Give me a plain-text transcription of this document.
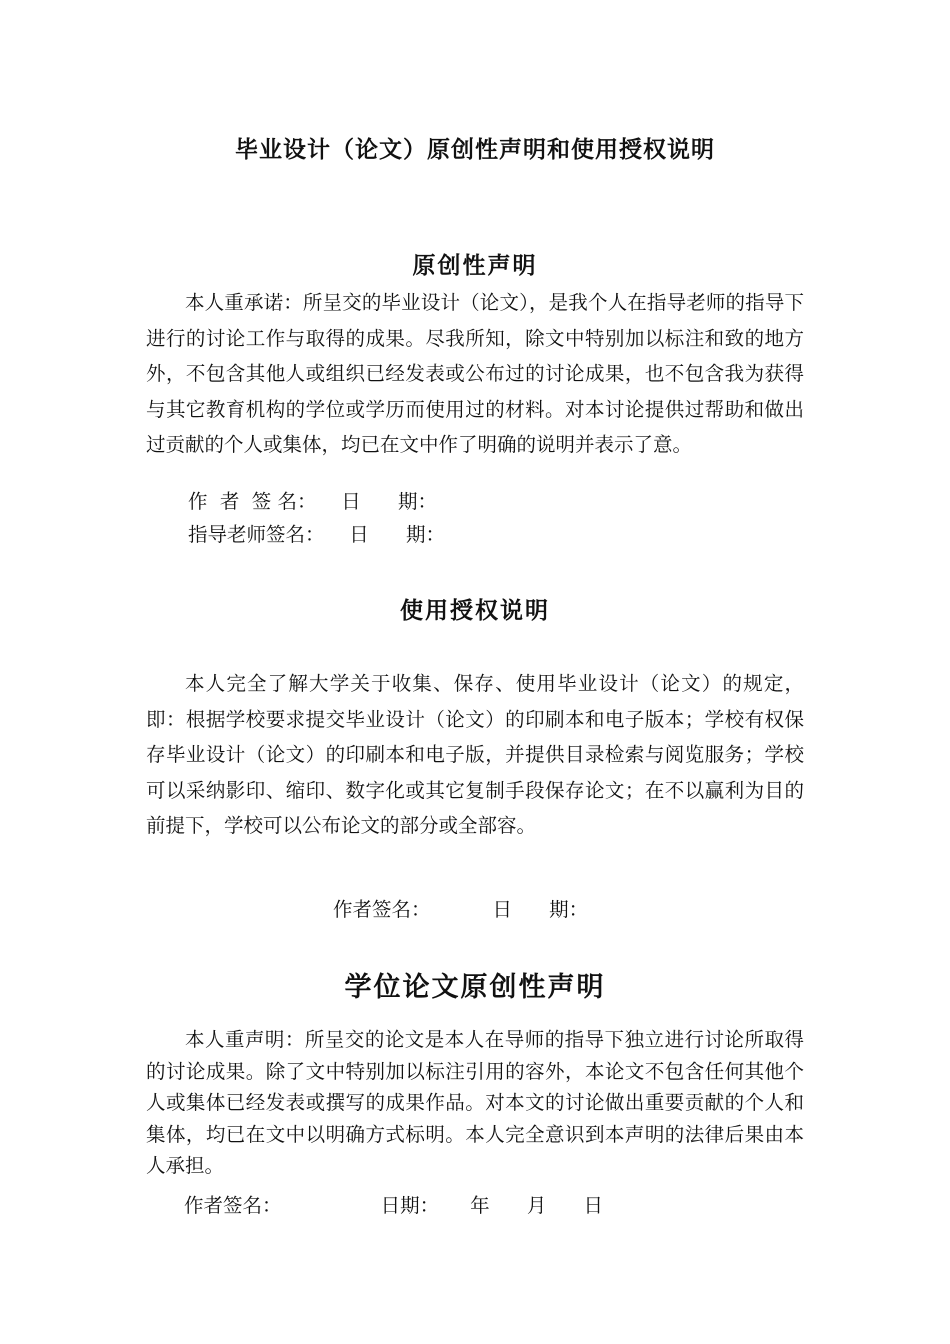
毕业设计（论文）原创性声明和使用授权说明
原创性声明
本人重承诺：所呈交的毕业设计（论文），是我个人在指导老师的指导下进行的讨论工作与取得的成果。尽我所知，除文中特别加以标注和致的地方外，不包含其他人或组织已经发表或公布过的讨论成果，也不包含我为获得与其它教育机构的学位或学历而使用过的材料。对本讨论提供过帮助和做出过贡献的个人或集体，均已在文中作了明确的说明并表示了意。
作  者  签 名：    日      期：
指导老师签名：    日      期：
使用授权说明
本人完全了解大学关于收集、保存、使用毕业设计（论文）的规定，即：根据学校要求提交毕业设计（论文）的印刷本和电子版本；学校有权保存毕业设计（论文）的印刷本和电子版，并提供目录检索与阅览服务；学校可以采纳影印、缩印、数字化或其它复制手段保存论文；在不以赢利为目的前提下，学校可以公布论文的部分或全部容。
作者签名：          日      期：
学位论文原创性声明
本人重声明：所呈交的论文是本人在导师的指导下独立进行讨论所取得的讨论成果。除了文中特别加以标注引用的容外，本论文不包含任何其他个人或集体已经发表或撰写的成果作品。对本文的讨论做出重要贡献的个人和集体，均已在文中以明确方式标明。本人完全意识到本声明的法律后果由本人承担。
作者签名：                日期：     年      月      日
